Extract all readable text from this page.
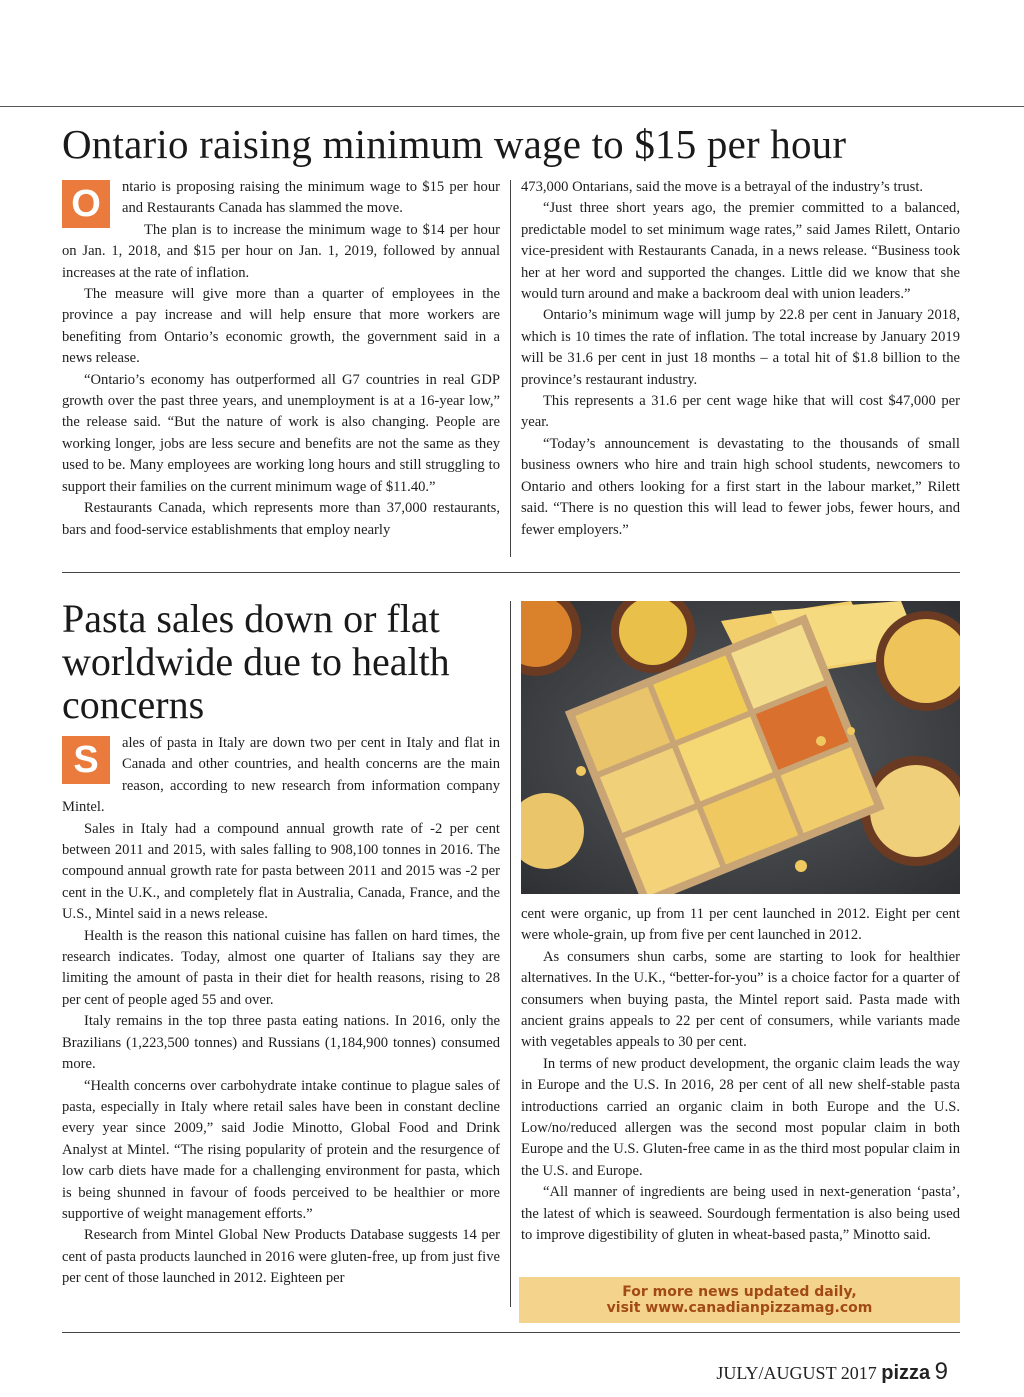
Ontario raising minimum wage to $15 per hour
O	ntario is proposing raising the minimum wage to $15 per hour and Restaurants Canada has slammed the move.

The plan is to increase the minimum wage to $14 per hour on Jan. 1, 2018, and $15 per hour on Jan. 1, 2019, followed by annual increases at the rate of inflation.

The measure will give more than a quarter of employees in the province a pay increase and will help ensure that more workers are benefiting from Ontario’s economic growth, the government said in a news release.

“Ontario’s economy has outperformed all G7 countries in real GDP growth over the past three years, and unemployment is at a 16-year low,” the release said. “But the nature of work is also changing. People are working longer, jobs are less secure and benefits are not the same as they used to be. Many employees are working long hours and still struggling to support their families on the current minimum wage of $11.40.”

Restaurants Canada, which represents more than 37,000 restaurants, bars and food-service establishments that employ nearly

473,000 Ontarians, said the move is a betrayal of the industry’s trust.

“Just three short years ago, the premier committed to a balanced, predictable model to set minimum wage rates,” said James Rilett, Ontario vice-president with Restaurants Canada, in a news release. “Business took her at her word and supported the changes. Little did we know that she would turn around and make a backroom deal with union leaders.”

Ontario’s minimum wage will jump by 22.8 per cent in January 2018, which is 10 times the rate of inflation. The total increase by January 2019 will be 31.6 per cent in just 18 months – a total hit of $1.8 billion to the province’s restaurant industry.

This represents a 31.6 per cent wage hike that will cost $47,000 per year.

“Today’s announcement is devastating to the thousands of small business owners who hire and train high school students, newcomers to Ontario and others looking for a first start in the labour market,” Rilett said. “There is no question this will lead to fewer jobs, fewer hours, and fewer employers.”

Pasta sales down or flat worldwide due to health concerns
S	ales of pasta in Italy are down two per cent in Italy and flat in Canada and other countries, and health concerns are the main reason, according to new research from information company Mintel.

Sales in Italy had a compound annual growth rate of -2 per cent between 2011 and 2015, with sales falling to 908,100 tonnes in 2016. The compound annual growth rate for pasta between 2011 and 2015 was -2 per cent in the U.K., and completely flat in Australia, Canada, France, and the U.S., Mintel said in a news release.

Health is the reason this national cuisine has fallen on hard times, the research indicates. Today, almost one quarter of Italians say they are limiting the amount of pasta in their diet for health reasons, rising to 28 per cent of people aged 55 and over.

Italy remains in the top three pasta eating nations. In 2016, only the Brazilians (1,223,500 tonnes) and Russians (1,184,900 tonnes) consumed more.

“Health concerns over carbohydrate intake continue to plague sales of pasta, especially in Italy where retail sales have been in constant decline every year since 2009,” said Jodie Minotto, Global Food and Drink Analyst at Mintel. “The rising popularity of protein and the resurgence of low carb diets have made for a challenging environment for pasta, which is being shunned in favour of foods perceived to be healthier or more supportive of weight management efforts.”

Research from Mintel Global New Products Database suggests 14 per cent of pasta products launched in 2016 were gluten-free, up from just five per cent of those launched in 2012. Eighteen per

cent were organic, up from 11 per cent launched in 2012. Eight per cent were whole-grain, up from five per cent launched in 2012.

As consumers shun carbs, some are starting to look for healthier alternatives. In the U.K., “better-for-you” is a choice factor for a quarter of consumers when buying pasta, the Mintel report said. Pasta made with ancient grains appeals to 22 per cent of consumers, while variants made with vegetables appeals to 30 per cent.

In terms of new product development, the organic claim leads the way in Europe and the U.S. In 2016, 28 per cent of all new shelf-stable pasta introductions carried an organic claim in both Europe and the U.S. Low/no/reduced allergen was the second most popular claim in both Europe and the U.S. Gluten-free came in as the third most popular claim in the U.S. and Europe.

“All manner of ingredients are being used in next-generation ‘pasta’, the latest of which is seaweed. Sourdough fermentation is also being used to improve digestibility of gluten in wheat-based pasta,” Minotto said.

For more news updated daily,
visit www.canadianpizzamag.com
JULY/AUGUST 2017 pizza 9
